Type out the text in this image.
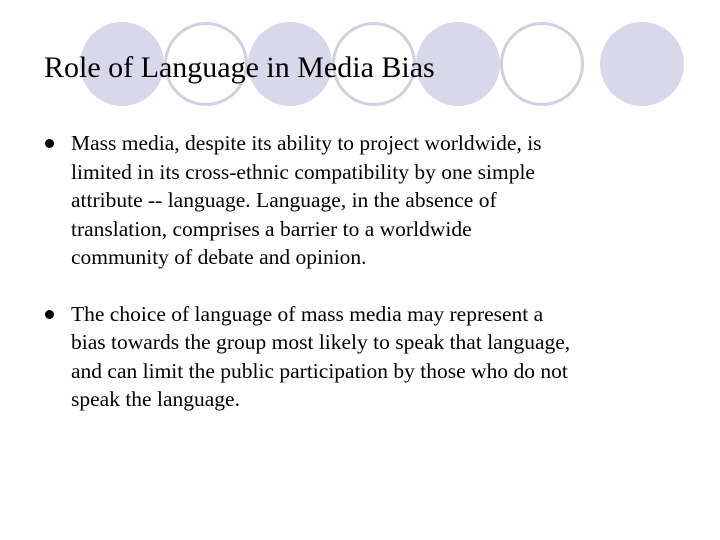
Role of Language in Media Bias
Mass media, despite its ability to project worldwide, is
limited in its cross-ethnic compatibility by one simple
attribute -- language. Language, in the absence of
translation, comprises a barrier to a worldwide
community of debate and opinion.
The choice of language of mass media may represent a
bias towards the group most likely to speak that language,
and can limit the public participation by those who do not
speak the language.
